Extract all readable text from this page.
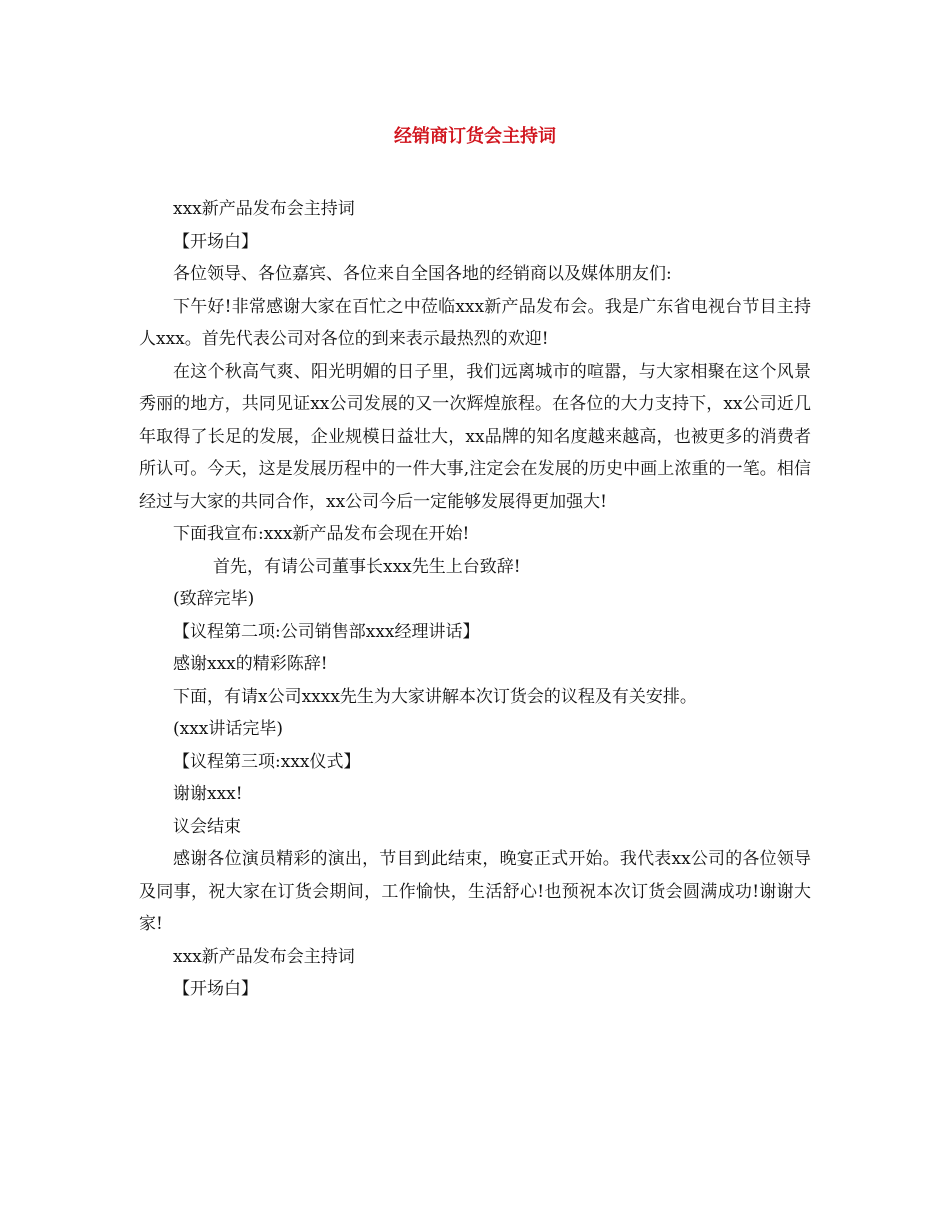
经销商订货会主持词

xxx新产品发布会主持词

【开场白】

各位领导、各位嘉宾、各位来自全国各地的经销商以及媒体朋友们:

下午好!非常感谢大家在百忙之中莅临xxx新产品发布会。我是广东省电视台节目主持人xxx。首先代表公司对各位的到来表示最热烈的欢迎!

在这个秋高气爽、阳光明媚的日子里，我们远离城市的喧嚣，与大家相聚在这个风景秀丽的地方，共同见证xx公司发展的又一次辉煌旅程。在各位的大力支持下，xx公司近几年取得了长足的发展，企业规模日益壮大，xx品牌的知名度越来越高，也被更多的消费者所认可。今天，这是发展历程中的一件大事,注定会在发展的历史中画上浓重的一笔。相信经过与大家的共同合作，xx公司今后一定能够发展得更加强大!

下面我宣布:xxx新产品发布会现在开始!

首先，有请公司董事长xxx先生上台致辞!

(致辞完毕)

【议程第二项:公司销售部xxx经理讲话】

感谢xxx的精彩陈辞!

下面，有请x公司xxxx先生为大家讲解本次订货会的议程及有关安排。

(xxx讲话完毕)

【议程第三项:xxx仪式】

谢谢xxx!

议会结束

感谢各位演员精彩的演出，节目到此结束，晚宴正式开始。我代表xx公司的各位领导及同事，祝大家在订货会期间，工作愉快，生活舒心!也预祝本次订货会圆满成功!谢谢大家!

xxx新产品发布会主持词

【开场白】
